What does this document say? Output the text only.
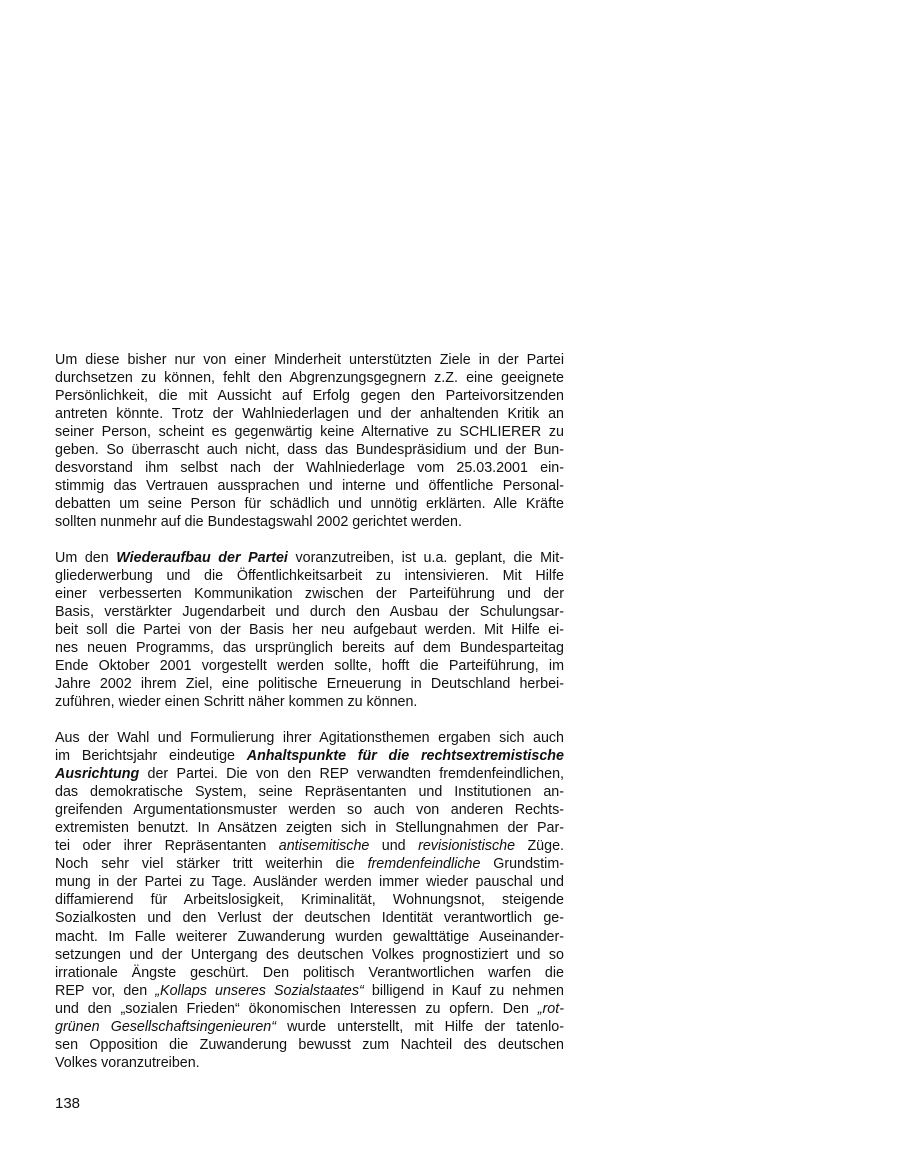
Um diese bisher nur von einer Minderheit unterstützten Ziele in der Partei
durchsetzen zu können, fehlt den Abgrenzungsgegnern z.Z. eine geeignete
Persönlichkeit, die mit Aussicht auf Erfolg gegen den Parteivorsitzenden
antreten könnte. Trotz der Wahlniederlagen und der anhaltenden Kritik an
seiner Person, scheint es gegenwärtig keine Alternative zu SCHLIERER zu
geben. So überrascht auch nicht, dass das Bundespräsidium und der Bun-
desvorstand ihm selbst nach der Wahlniederlage vom 25.03.2001 ein-
stimmig das Vertrauen aussprachen und interne und öffentliche Personal-
debatten um seine Person für schädlich und unnötig erklärten. Alle Kräfte
sollten nunmehr auf die Bundestagswahl 2002 gerichtet werden.
Um den Wiederaufbau der Partei voranzutreiben, ist u.a. geplant, die Mit-
gliederwerbung und die Öffentlichkeitsarbeit zu intensivieren. Mit Hilfe
einer verbesserten Kommunikation zwischen der Parteiführung und der
Basis, verstärkter Jugendarbeit und durch den Ausbau der Schulungsar-
beit soll die Partei von der Basis her neu aufgebaut werden. Mit Hilfe ei-
nes neuen Programms, das ursprünglich bereits auf dem Bundesparteitag
Ende Oktober 2001 vorgestellt werden sollte, hofft die Parteiführung, im
Jahre 2002 ihrem Ziel, eine politische Erneuerung in Deutschland herbei-
zuführen, wieder einen Schritt näher kommen zu können.
Aus der Wahl und Formulierung ihrer Agitationsthemen ergaben sich auch
im Berichtsjahr eindeutige Anhaltspunkte für die rechtsextremistische
Ausrichtung der Partei. Die von den REP verwandten fremdenfeindlichen,
das demokratische System, seine Repräsentanten und Institutionen an-
greifenden Argumentationsmuster werden so auch von anderen Rechts-
extremisten benutzt. In Ansätzen zeigten sich in Stellungnahmen der Par-
tei oder ihrer Repräsentanten antisemitische und revisionistische Züge.
Noch sehr viel stärker tritt weiterhin die fremdenfeindliche Grundstim-
mung in der Partei zu Tage. Ausländer werden immer wieder pauschal und
diffamierend für Arbeitslosigkeit, Kriminalität, Wohnungsnot, steigende
Sozialkosten und den Verlust der deutschen Identität verantwortlich ge-
macht. Im Falle weiterer Zuwanderung wurden gewalttätige Auseinander-
setzungen und der Untergang des deutschen Volkes prognostiziert und so
irrationale Ängste geschürt. Den politisch Verantwortlichen warfen die
REP vor, den „Kollaps unseres Sozialstaates“ billigend in Kauf zu nehmen
und den „sozialen Frieden“ ökonomischen Interessen zu opfern. Den „rot-
grünen Gesellschaftsingenieuren“ wurde unterstellt, mit Hilfe der tatenlo-
sen Opposition die Zuwanderung bewusst zum Nachteil des deutschen
Volkes voranzutreiben.
138
